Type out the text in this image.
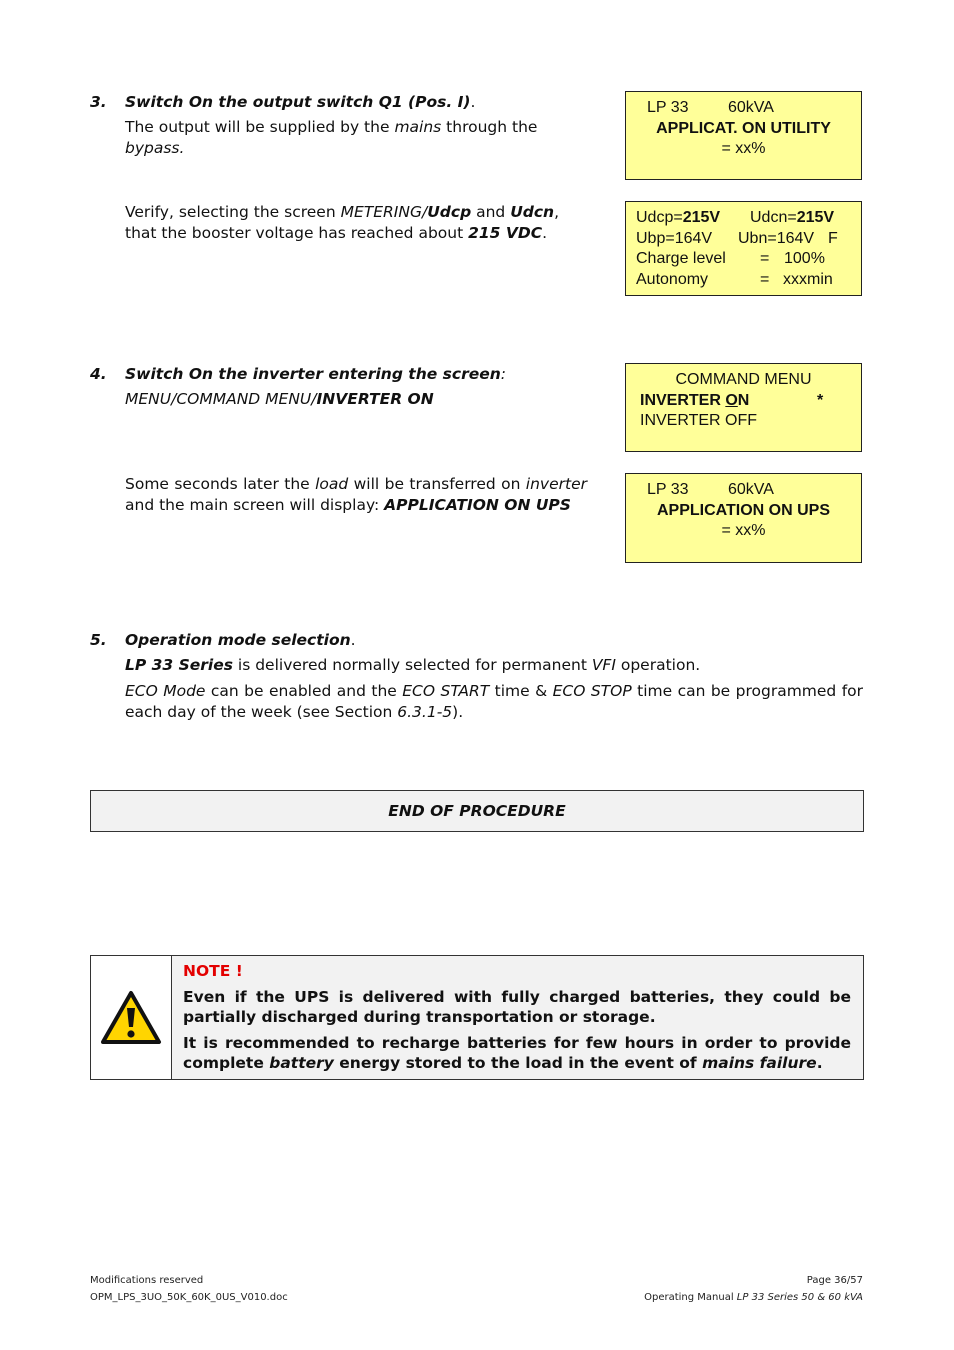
3. Switch On the output switch Q1 (Pos. I).
The output will be supplied by the mains through the bypass.
Verify, selecting the screen METERING/Udcp and Udcn, that the booster voltage has reached about 215 VDC.
LP 33 60kVA
APPLICAT. ON UTILITY
= xx%
Udcp=215V Udcn=215V
Ubp=164V Ubn=164V F
Charge level = 100%
Autonomy	= xxxmin
4. Switch On the inverter entering the screen:
MENU/COMMAND MENU/INVERTER ON
Some seconds later the load will be transferred on inverter and the main screen will display: APPLICATION ON UPS
COMMAND MENU
INVERTER ON	*
INVERTER OFF
LP 33 60kVA
APPLICATION ON UPS
= xx%
5. Operation mode selection.
LP 33 Series is delivered normally selected for permanent VFI operation.
ECO Mode can be enabled and the ECO START time & ECO STOP time can be programmed for each day of the week (see Section 6.3.1-5).
END OF PROCEDURE
NOTE !

Even if the UPS is delivered with fully charged batteries, they could be partially discharged during transportation or storage.

It is recommended to recharge batteries for few hours in order to provide complete battery energy stored to the load in the event of mains failure.

Modifications reserved
OPM_LPS_3UO_50K_60K_0US_V010.doc
Page 36/57
Operating Manual LP 33 Series 50 & 60 kVA
